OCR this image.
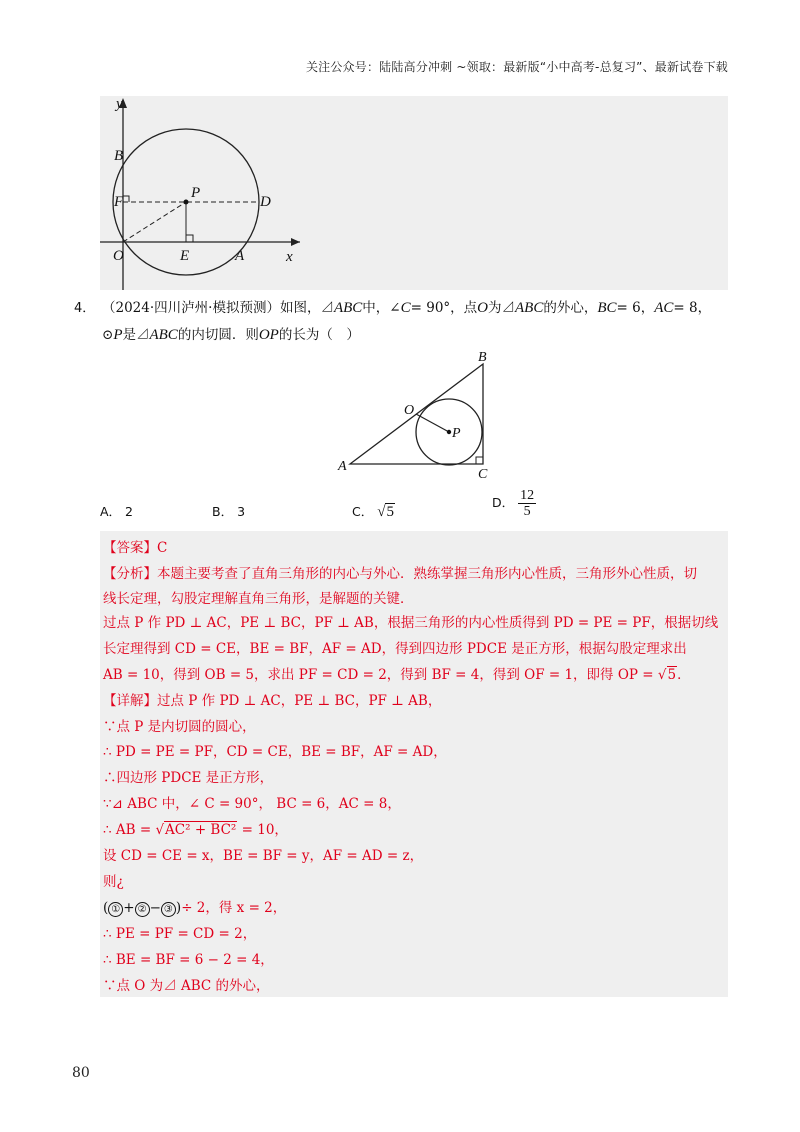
关注公众号：陆陆高分冲刺 ~领取：最新版“小中高考-总复习”、最新试卷下载
y
x
O
B
F
P
D
E	A
4． （2024·四川泸州·模拟预测）如图，⊿ABC中，∠C= 90°，点O为⊿ABC的外心，BC= 6，AC= 8，
⊙P是⊿ABC的内切圆．则OP的长为（　）
B
O
P
A
C
A． 2	B． 3	C． √5
D． $\frac{12}{5}$
【答案】C
【分析】本题主要考查了直角三角形的内心与外心．熟练掌握三角形内心性质，三角形外心性质，切
线长定理，勾股定理解直角三角形，是解题的关键．
过点 P 作 PD ⊥ AC，PE ⊥ BC，PF ⊥ AB，根据三角形的内心性质得到 PD = PE = PF，根据切线
长定理得到 CD = CE，BE = BF，AF = AD，得到四边形 PDCE 是正方形，根据勾股定理求出
AB = 10，得到 OB = 5，求出 PF = CD = 2，得到 BF = 4，得到 OF = 1，即得 OP = √5．
【详解】过点 P 作 PD ⊥ AC，PE ⊥ BC，PF ⊥ AB，
∵点 P 是内切圆的圆心，
∴ PD = PE = PF，CD = CE，BE = BF，AF = AD，
∴四边形 PDCE 是正方形，
∵⊿ ABC 中，∠ C = 90°， BC = 6，AC = 8，
∴ AB = √AC² + BC² = 10，
设 CD = CE = x，BE = BF = y，AF = AD = z，
则¿
( ① + ② − ③ )÷ 2，得 x = 2，
∴ PE = PF = CD = 2，
∴ BE = BF = 6 − 2 = 4，
∵点 O 为⊿ ABC 的外心，
80
